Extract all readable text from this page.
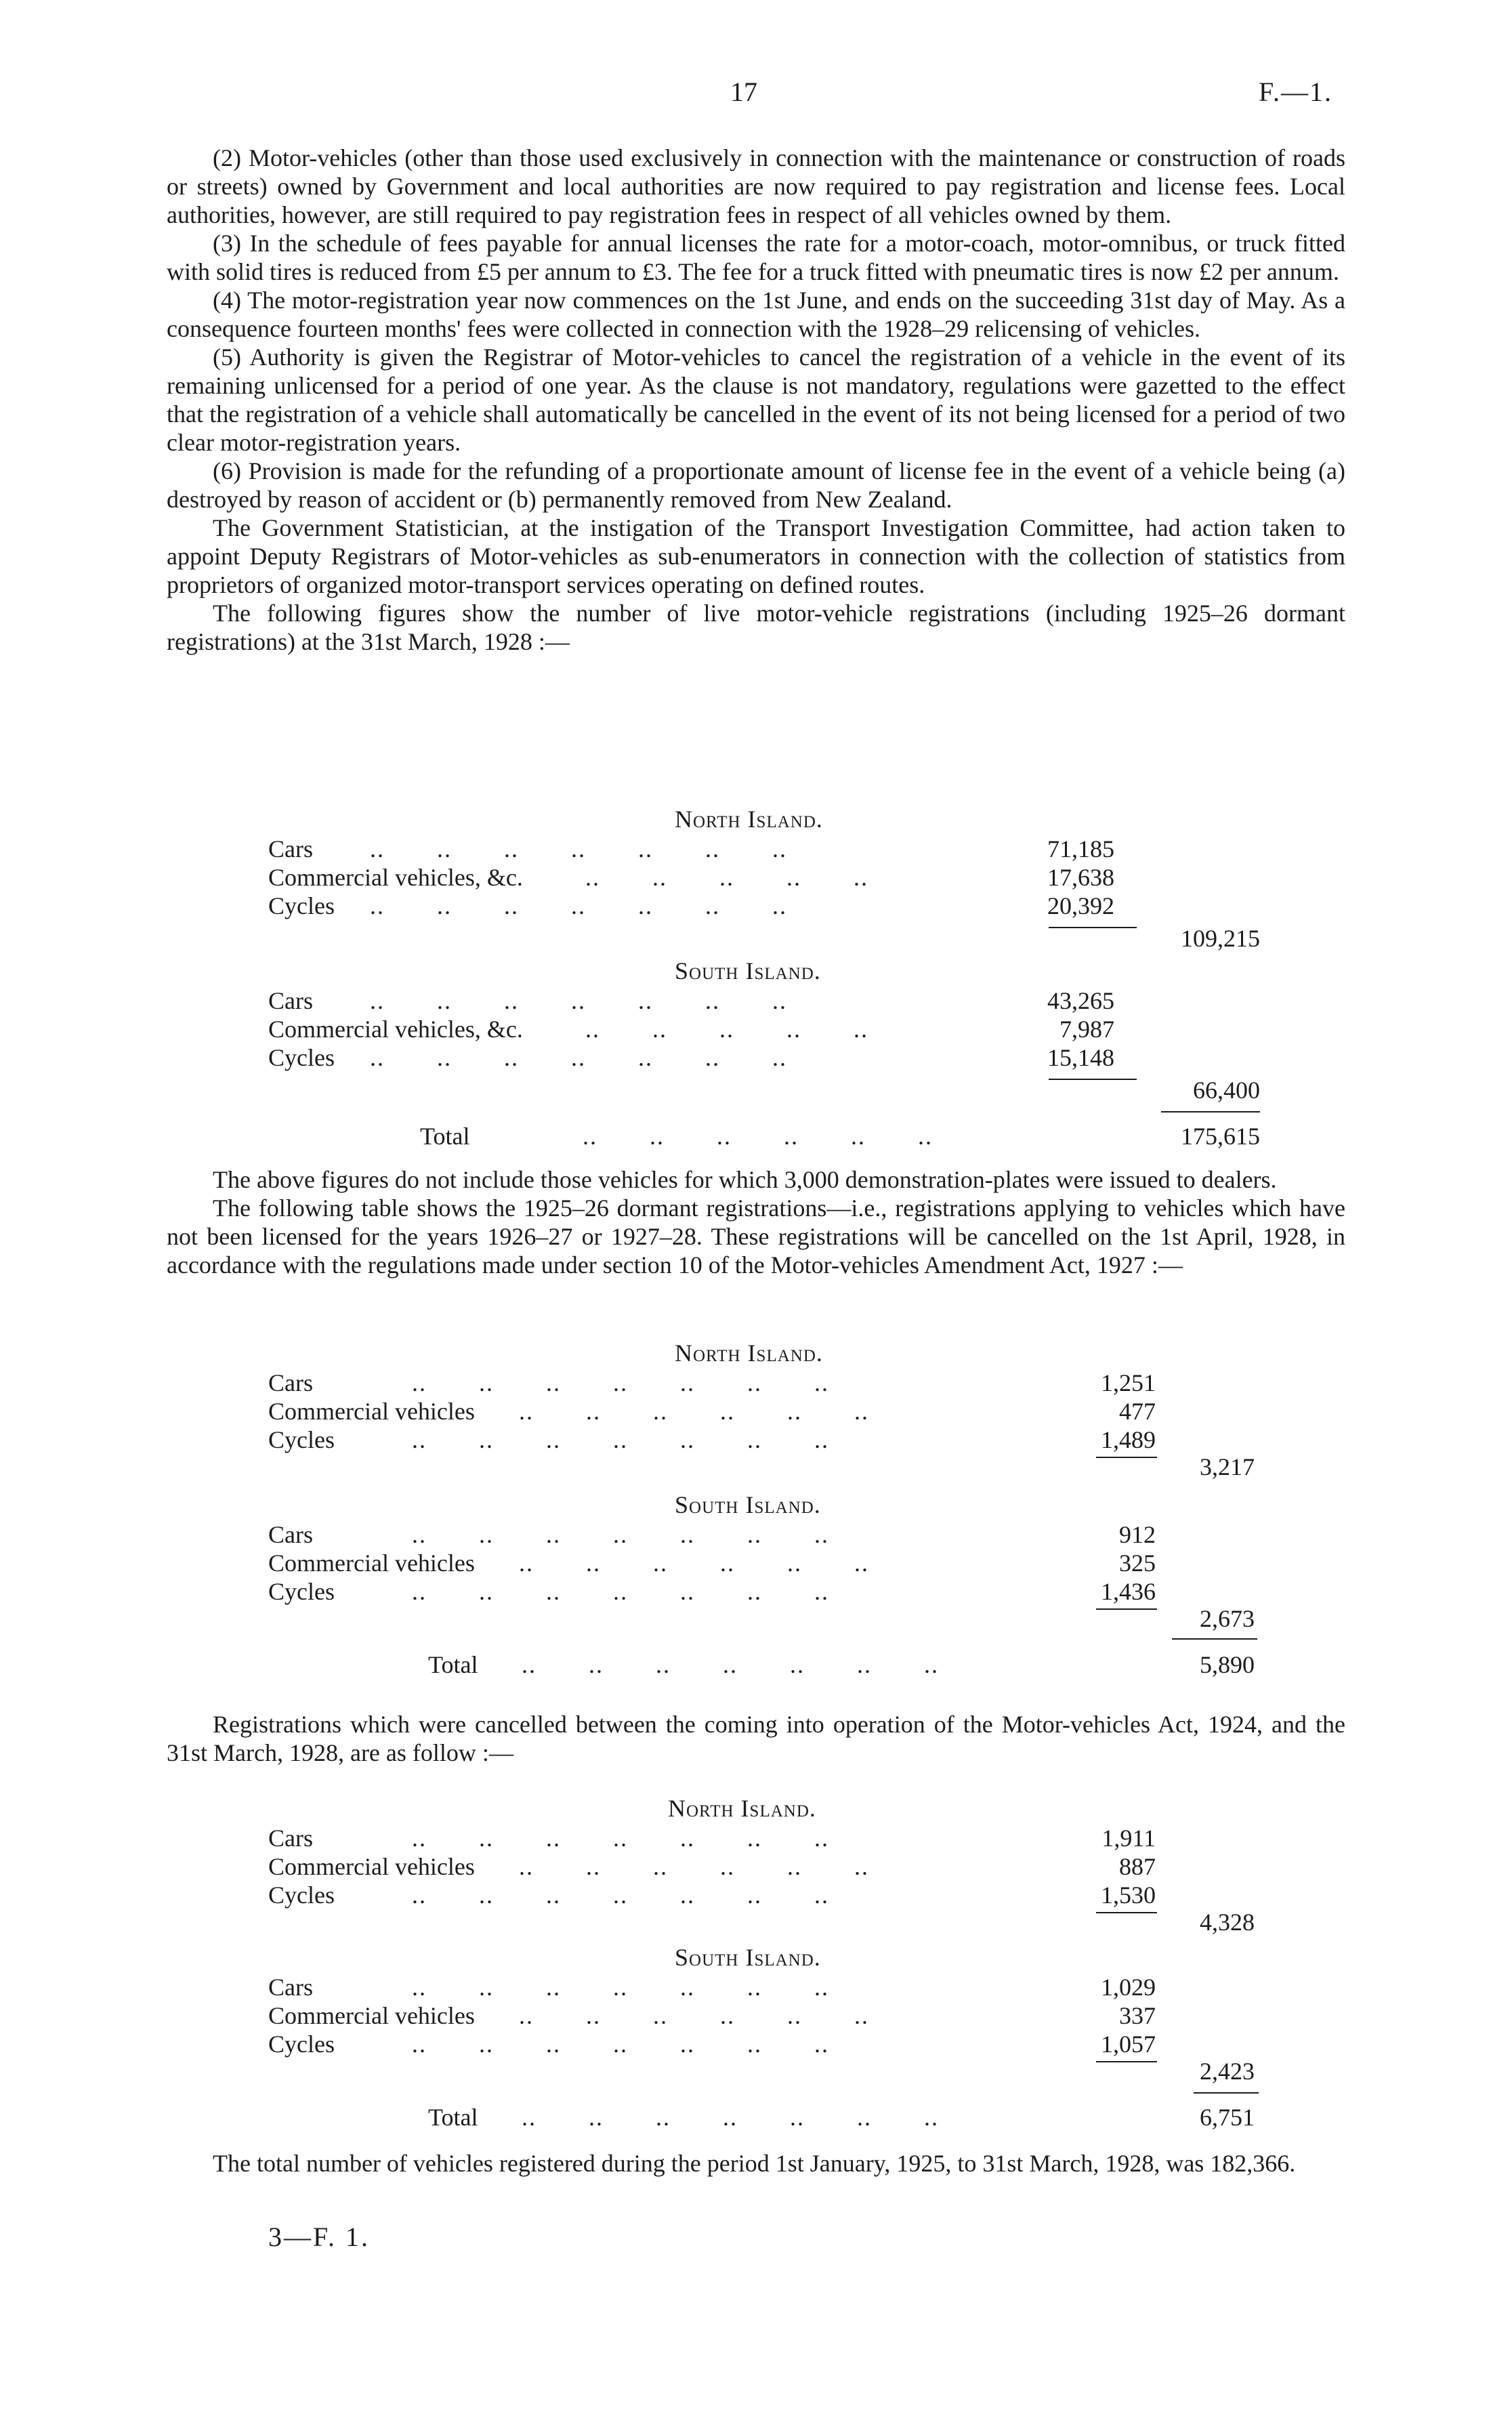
17	F.—1.

(2) Motor-vehicles (other than those used exclusively in connection with the maintenance or construction of roads or streets) owned by Government and local authorities are now required to pay registration and license fees. Local authorities, however, are still required to pay registration fees in respect of all vehicles owned by them.

(3) In the schedule of fees payable for annual licenses the rate for a motor-coach, motor-omnibus, or truck fitted with solid tires is reduced from £5 per annum to £3. The fee for a truck fitted with pneumatic tires is now £2 per annum.

(4) The motor-registration year now commences on the 1st June, and ends on the succeeding 31st day of May. As a consequence fourteen months' fees were collected in connection with the 1928–29 relicensing of vehicles.

(5) Authority is given the Registrar of Motor-vehicles to cancel the registration of a vehicle in the event of its remaining unlicensed for a period of one year. As the clause is not mandatory, regulations were gazetted to the effect that the registration of a vehicle shall automatically be cancelled in the event of its not being licensed for a period of two clear motor-registration years.

(6) Provision is made for the refunding of a proportionate amount of license fee in the event of a vehicle being (a) destroyed by reason of accident or (b) permanently removed from New Zealand.

The Government Statistician, at the instigation of the Transport Investigation Committee, had action taken to appoint Deputy Registrars of Motor-vehicles as sub-enumerators in connection with the collection of statistics from proprietors of organized motor-transport services operating on defined routes.

The following figures show the number of live motor-vehicle registrations (including 1925–26 dormant registrations) at the 31st March, 1928 :—

North Island.
Cars ..       ..       ..       ..       ..       ..       ..	71,185
Commercial vehicles, &c.	..       ..       ..       ..       ..	17,638
Cycles ..       ..       ..       ..       ..       ..       ..	20,392
109,215
South Island.
Cars ..       ..       ..       ..       ..       ..       ..	43,265
Commercial vehicles, &c.	..       ..       ..       ..       ..	7,987
Cycles ..       ..       ..       ..       ..       ..       ..	15,148
66,400
Total	..       ..       ..       ..       ..       ..	175,615

The above figures do not include those vehicles for which 3,000 demonstration-plates were issued to dealers.

The following table shows the 1925–26 dormant registrations—i.e., registrations applying to vehicles which have not been licensed for the years 1926–27 or 1927–28. These registrations will be cancelled on the 1st April, 1928, in accordance with the regulations made under section 10 of the Motor-vehicles Amendment Act, 1927 :—

North Island.
Cars	..       ..       ..       ..       ..       ..       ..	1,251
Commercial vehicles ..       ..       ..       ..       ..       ..	477
Cycles	..       ..       ..       ..       ..       ..       ..	1,489
3,217
South Island.
Cars	..       ..       ..       ..       ..       ..       ..	912
Commercial vehicles ..       ..       ..       ..       ..       ..	325
Cycles	..       ..       ..       ..       ..       ..       ..	1,436
2,673
Total ..       ..       ..       ..       ..       ..       ..	5,890

Registrations which were cancelled between the coming into operation of the Motor-vehicles Act, 1924, and the 31st March, 1928, are as follow :—

North Island.
Cars	..       ..       ..       ..       ..       ..       ..	1,911
Commercial vehicles ..       ..       ..       ..       ..       ..	887
Cycles	..       ..       ..       ..       ..       ..       ..	1,530
4,328
South Island.
Cars	..       ..       ..       ..       ..       ..       ..	1,029
Commercial vehicles ..       ..       ..       ..       ..       ..	337
Cycles	..       ..       ..       ..       ..       ..       ..	1,057
2,423
Total ..       ..       ..       ..       ..       ..       ..	6,751

The total number of vehicles registered during the period 1st January, 1925, to 31st March, 1928, was 182,366.

3—F. 1.
